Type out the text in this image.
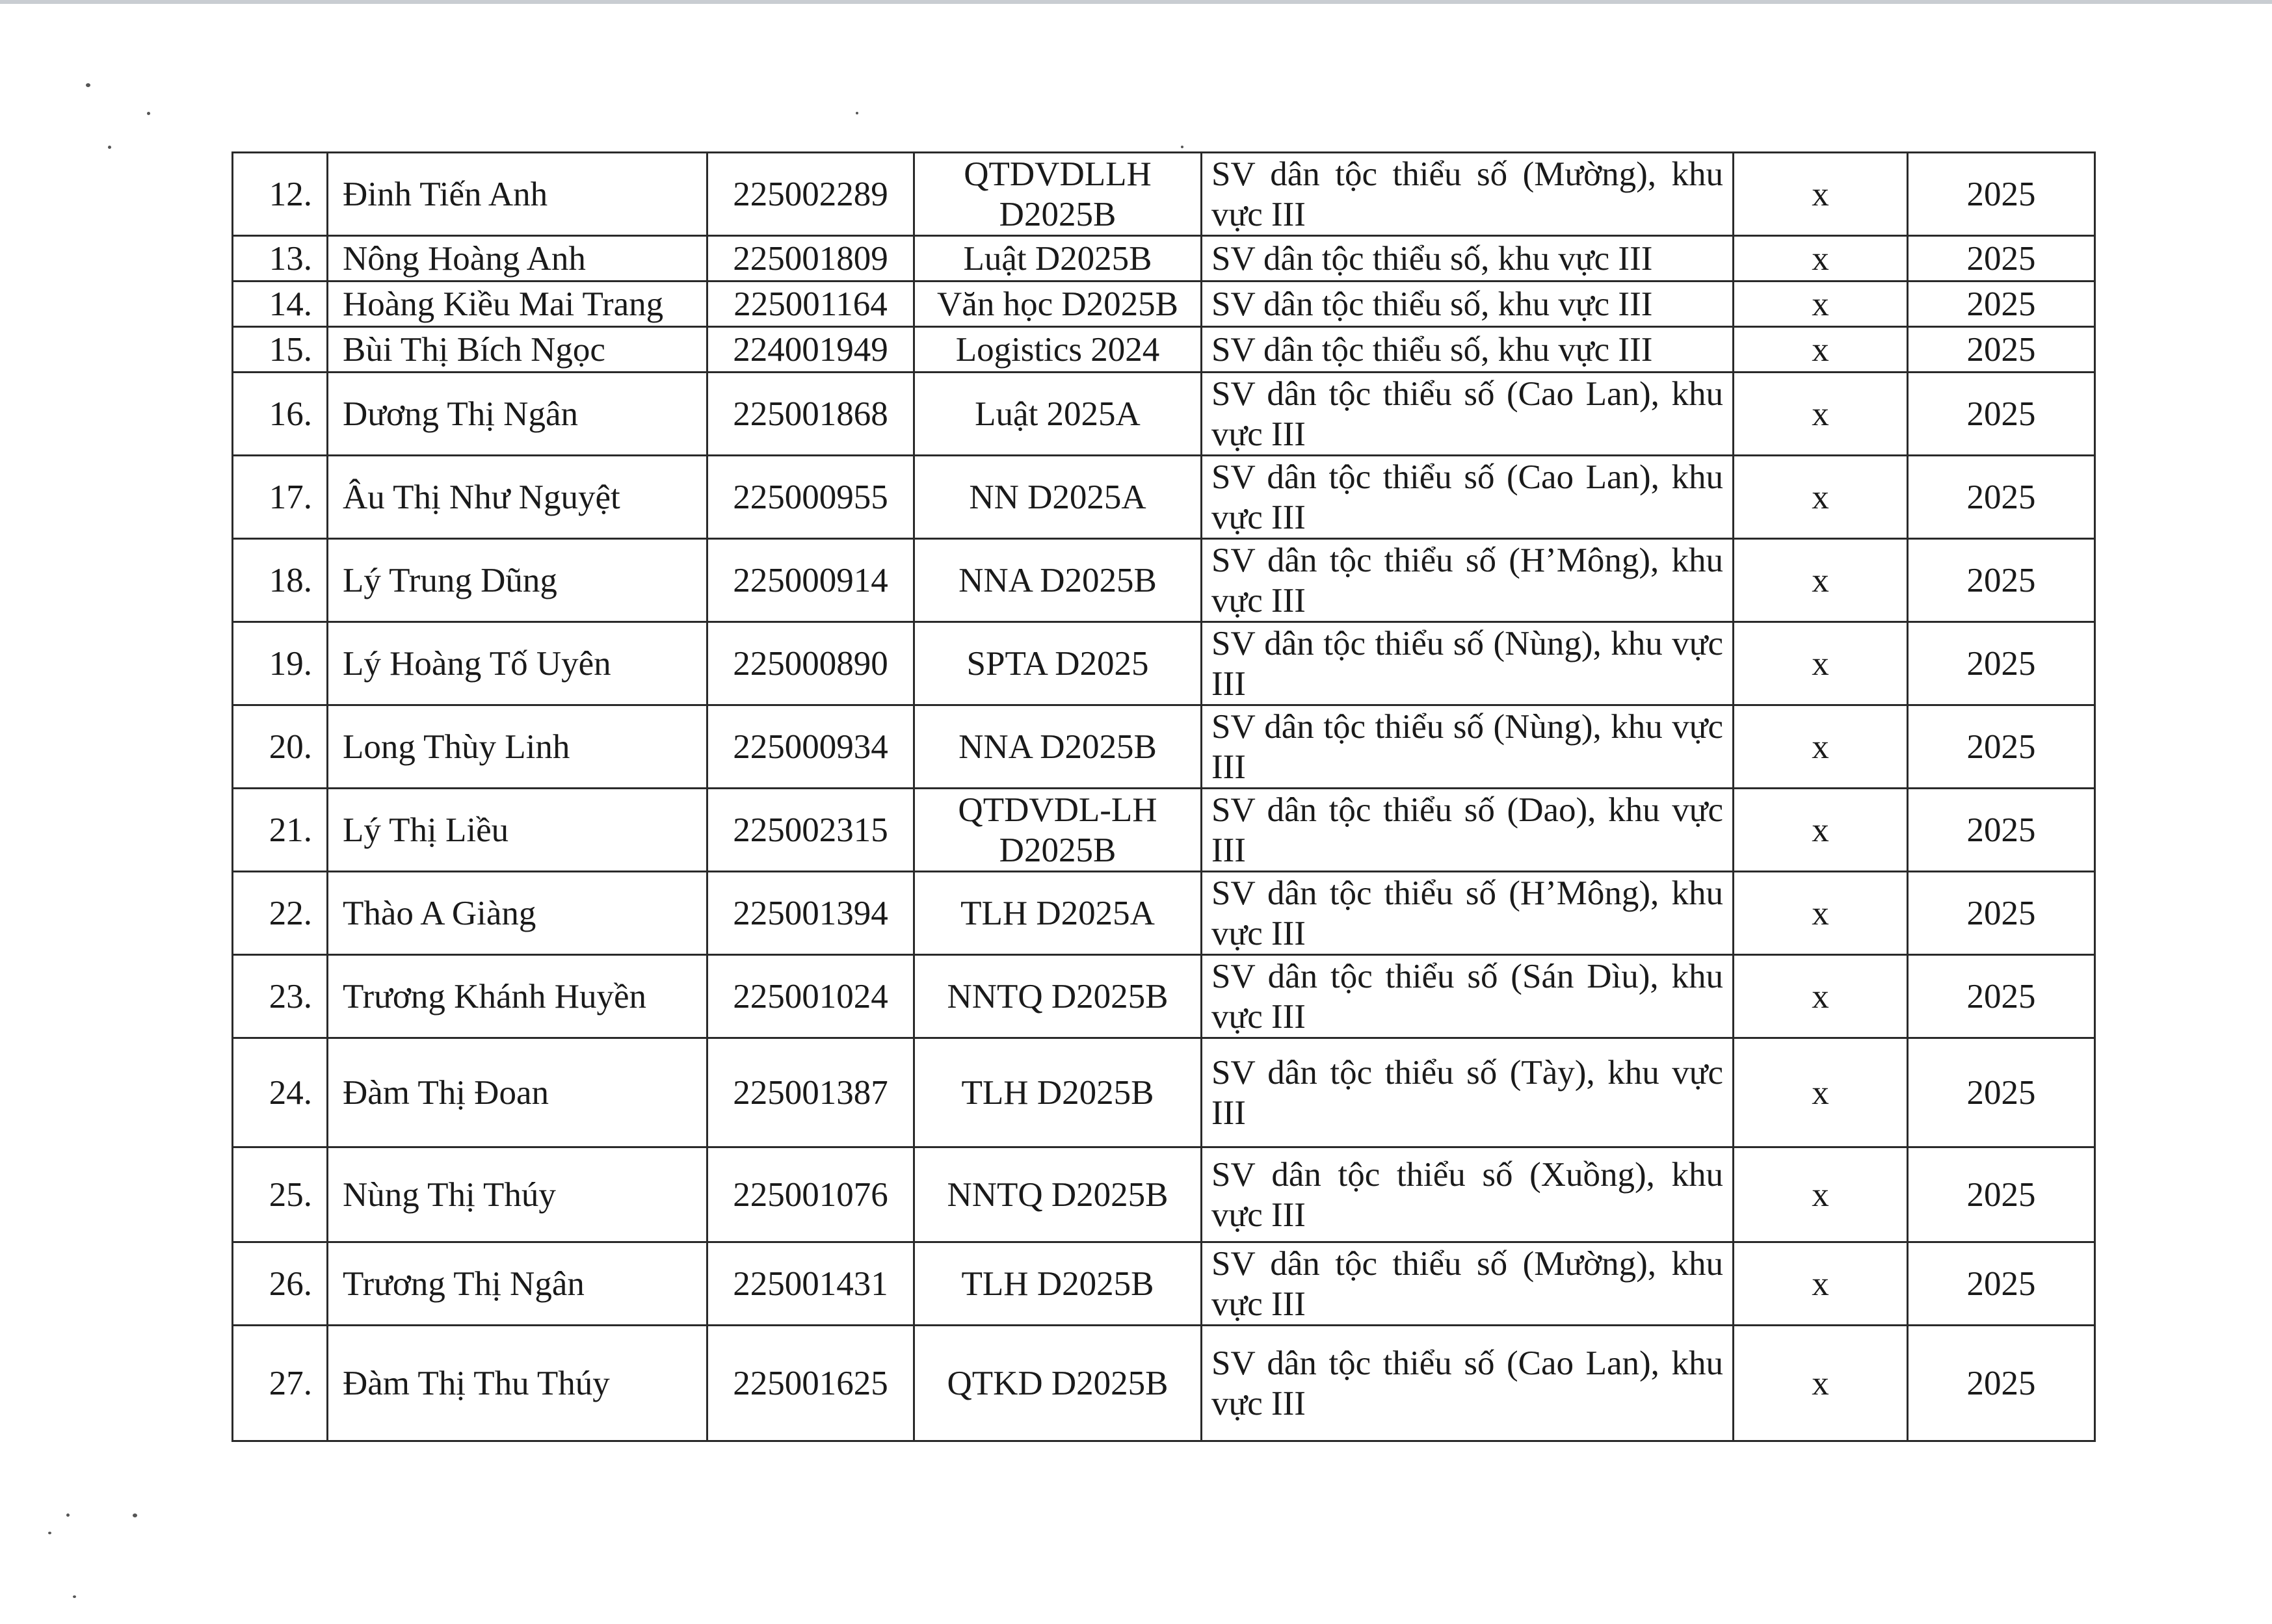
12.	Đinh Tiến Anh	225002289	QTDVDLLH D2025B	SV dân tộc thiểu số (Mường), khu vực III	x	2025
13.	Nông Hoàng Anh	225001809	Luật D2025B	SV dân tộc thiểu số, khu vực III	x	2025
14.	Hoàng Kiều Mai Trang	225001164	Văn học D2025B	SV dân tộc thiểu số, khu vực III	x	2025
15.	Bùi Thị Bích Ngọc	224001949	Logistics 2024	SV dân tộc thiểu số, khu vực III	x	2025
16.	Dương Thị Ngân	225001868	Luật 2025A	SV dân tộc thiểu số (Cao Lan), khu vực III	x	2025
17.	Âu Thị Như Nguyệt	225000955	NN D2025A	SV dân tộc thiểu số (Cao Lan), khu vực III	x	2025
18.	Lý Trung Dũng	225000914	NNA D2025B	SV dân tộc thiểu số (H’Mông), khu vực III	x	2025
19.	Lý Hoàng Tố Uyên	225000890	SPTA D2025	SV dân tộc thiểu số (Nùng), khu vực III	x	2025
20.	Long Thùy Linh	225000934	NNA D2025B	SV dân tộc thiểu số (Nùng), khu vực III	x	2025
21.	Lý Thị Liều	225002315	QTDVDL-LH D2025B	SV dân tộc thiểu số (Dao), khu vực III	x	2025
22.	Thào A Giàng	225001394	TLH D2025A	SV dân tộc thiểu số (H’Mông), khu vực III	x	2025
23.	Trương Khánh Huyền	225001024	NNTQ D2025B	SV dân tộc thiểu số (Sán Dìu), khu vực III	x	2025
24.	Đàm Thị Đoan	225001387	TLH D2025B	SV dân tộc thiểu số (Tày), khu vực III	x	2025
25.	Nùng Thị Thúy	225001076	NNTQ D2025B	SV dân tộc thiểu số (Xuồng), khu vực III	x	2025
26.	Trương Thị Ngân	225001431	TLH D2025B	SV dân tộc thiểu số (Mường), khu vực III	x	2025
27.	Đàm Thị Thu Thúy	225001625	QTKD D2025B	SV dân tộc thiểu số (Cao Lan), khu vực III	x	2025
